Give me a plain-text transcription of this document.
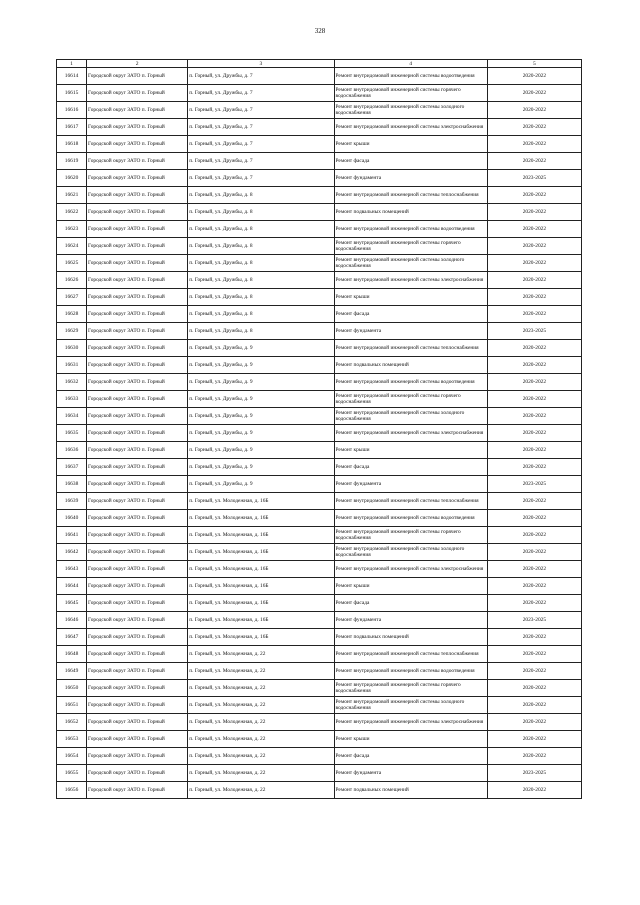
328
1	2	3	4	5
16614	Городской округ ЗАТО п. Горный	п. Горный, ул. Дружбы, д. 7	Ремонт внутридомовой инженерной системы водоотведения	2020-2022
16615	Городской округ ЗАТО п. Горный	п. Горный, ул. Дружбы, д. 7	Ремонт внутридомовой инженерной системы горячего водоснабжения	2020-2022
16616	Городской округ ЗАТО п. Горный	п. Горный, ул. Дружбы, д. 7	Ремонт внутридомовой инженерной системы холодного водоснабжения	2020-2022
16617	Городской округ ЗАТО п. Горный	п. Горный, ул. Дружбы, д. 7	Ремонт внутридомовой инженерной системы электроснабжения	2020-2022
16618	Городской округ ЗАТО п. Горный	п. Горный, ул. Дружбы, д. 7	Ремонт крыши	2020-2022
16619	Городской округ ЗАТО п. Горный	п. Горный, ул. Дружбы, д. 7	Ремонт фасада	2020-2022
16620	Городской округ ЗАТО п. Горный	п. Горный, ул. Дружбы, д. 7	Ремонт фундамента	2023-2025
16621	Городской округ ЗАТО п. Горный	п. Горный, ул. Дружбы, д. 8	Ремонт внутридомовой инженерной системы теплоснабжения	2020-2022
16622	Городской округ ЗАТО п. Горный	п. Горный, ул. Дружбы, д. 8	Ремонт подвальных помещений	2020-2022
16623	Городской округ ЗАТО п. Горный	п. Горный, ул. Дружбы, д. 8	Ремонт внутридомовой инженерной системы водоотведения	2020-2022
16624	Городской округ ЗАТО п. Горный	п. Горный, ул. Дружбы, д. 8	Ремонт внутридомовой инженерной системы горячего водоснабжения	2020-2022
16625	Городской округ ЗАТО п. Горный	п. Горный, ул. Дружбы, д. 8	Ремонт внутридомовой инженерной системы холодного водоснабжения	2020-2022
16626	Городской округ ЗАТО п. Горный	п. Горный, ул. Дружбы, д. 8	Ремонт внутридомовой инженерной системы электроснабжения	2020-2022
16627	Городской округ ЗАТО п. Горный	п. Горный, ул. Дружбы, д. 8	Ремонт крыши	2020-2022
16628	Городской округ ЗАТО п. Горный	п. Горный, ул. Дружбы, д. 8	Ремонт фасада	2020-2022
16629	Городской округ ЗАТО п. Горный	п. Горный, ул. Дружбы, д. 8	Ремонт фундамента	2023-2025
16630	Городской округ ЗАТО п. Горный	п. Горный, ул. Дружбы, д. 9	Ремонт внутридомовой инженерной системы теплоснабжения	2020-2022
16631	Городской округ ЗАТО п. Горный	п. Горный, ул. Дружбы, д. 9	Ремонт подвальных помещений	2020-2022
16632	Городской округ ЗАТО п. Горный	п. Горный, ул. Дружбы, д. 9	Ремонт внутридомовой инженерной системы водоотведения	2020-2022
16633	Городской округ ЗАТО п. Горный	п. Горный, ул. Дружбы, д. 9	Ремонт внутридомовой инженерной системы горячего водоснабжения	2020-2022
16634	Городской округ ЗАТО п. Горный	п. Горный, ул. Дружбы, д. 9	Ремонт внутридомовой инженерной системы холодного водоснабжения	2020-2022
16635	Городской округ ЗАТО п. Горный	п. Горный, ул. Дружбы, д. 9	Ремонт внутридомовой инженерной системы электроснабжения	2020-2022
16636	Городской округ ЗАТО п. Горный	п. Горный, ул. Дружбы, д. 9	Ремонт крыши	2020-2022
16637	Городской округ ЗАТО п. Горный	п. Горный, ул. Дружбы, д. 9	Ремонт фасада	2020-2022
16638	Городской округ ЗАТО п. Горный	п. Горный, ул. Дружбы, д. 9	Ремонт фундамента	2023-2025
16639	Городской округ ЗАТО п. Горный	п. Горный, ул. Молодежная, д. 16Б	Ремонт внутридомовой инженерной системы теплоснабжения	2020-2022
16640	Городской округ ЗАТО п. Горный	п. Горный, ул. Молодежная, д. 16Б	Ремонт внутридомовой инженерной системы водоотведения	2020-2022
16641	Городской округ ЗАТО п. Горный	п. Горный, ул. Молодежная, д. 16Б	Ремонт внутридомовой инженерной системы горячего водоснабжения	2020-2022
16642	Городской округ ЗАТО п. Горный	п. Горный, ул. Молодежная, д. 16Б	Ремонт внутридомовой инженерной системы холодного водоснабжения	2020-2022
16643	Городской округ ЗАТО п. Горный	п. Горный, ул. Молодежная, д. 16Б	Ремонт внутридомовой инженерной системы электроснабжения	2020-2022
16644	Городской округ ЗАТО п. Горный	п. Горный, ул. Молодежная, д. 16Б	Ремонт крыши	2020-2022
16645	Городской округ ЗАТО п. Горный	п. Горный, ул. Молодежная, д. 16Б	Ремонт фасада	2020-2022
16646	Городской округ ЗАТО п. Горный	п. Горный, ул. Молодежная, д. 16Б	Ремонт фундамента	2023-2025
16647	Городской округ ЗАТО п. Горный	п. Горный, ул. Молодежная, д. 16Б	Ремонт подвальных помещений	2020-2022
16648	Городской округ ЗАТО п. Горный	п. Горный, ул. Молодежная, д. 22	Ремонт внутридомовой инженерной системы теплоснабжения	2020-2022
16649	Городской округ ЗАТО п. Горный	п. Горный, ул. Молодежная, д. 22	Ремонт внутридомовой инженерной системы водоотведения	2020-2022
16650	Городской округ ЗАТО п. Горный	п. Горный, ул. Молодежная, д. 22	Ремонт внутридомовой инженерной системы горячего водоснабжения	2020-2022
16651	Городской округ ЗАТО п. Горный	п. Горный, ул. Молодежная, д. 22	Ремонт внутридомовой инженерной системы холодного водоснабжения	2020-2022
16652	Городской округ ЗАТО п. Горный	п. Горный, ул. Молодежная, д. 22	Ремонт внутридомовой инженерной системы электроснабжения	2020-2022
16653	Городской округ ЗАТО п. Горный	п. Горный, ул. Молодежная, д. 22	Ремонт крыши	2020-2022
16654	Городской округ ЗАТО п. Горный	п. Горный, ул. Молодежная, д. 22	Ремонт фасада	2020-2022
16655	Городской округ ЗАТО п. Горный	п. Горный, ул. Молодежная, д. 22	Ремонт фундамента	2023-2025
16656	Городской округ ЗАТО п. Горный	п. Горный, ул. Молодежная, д. 22	Ремонт подвальных помещений	2020-2022
